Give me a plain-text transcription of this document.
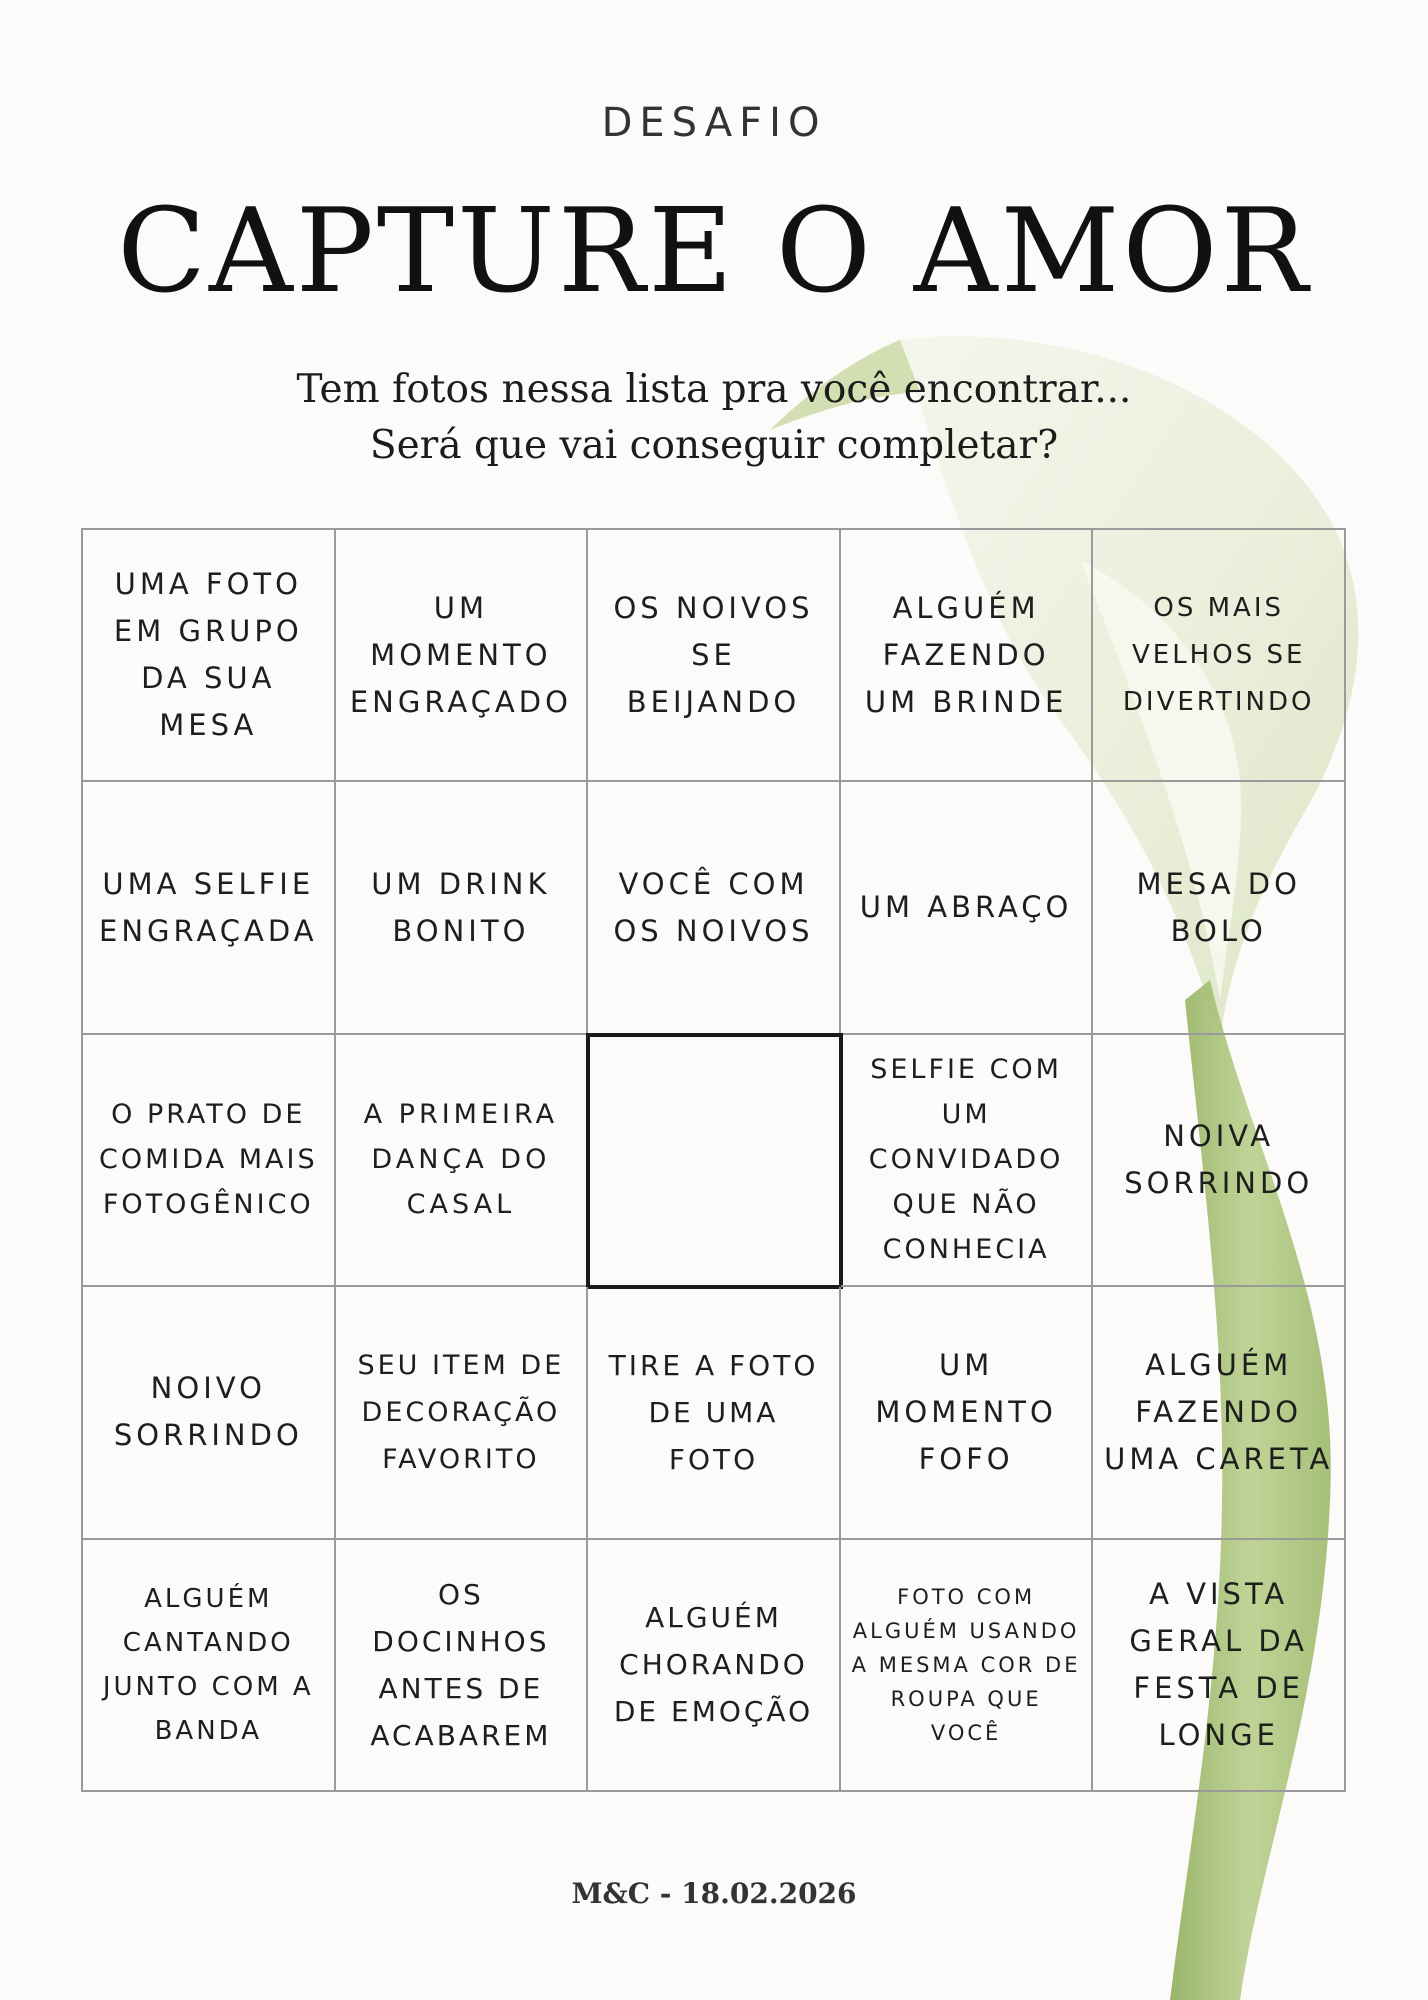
DESAFIO
CAPTURE O AMOR
Tem fotos nessa lista pra você encontrar...
Será que vai conseguir completar?
UMA FOTO EM GRUPO DA SUA MESA
UM MOMENTO ENGRAÇADO
OS NOIVOS SE BEIJANDO
ALGUÉM FAZENDO UM BRINDE
OS MAIS VELHOS SE DIVERTINDO
UMA SELFIE ENGRAÇADA
UM DRINK BONITO
VOCÊ COM OS NOIVOS
UM ABRAÇO
MESA DO BOLO
O PRATO DE COMIDA MAIS FOTOGÊNICO
A PRIMEIRA DANÇA DO CASAL
SELFIE COM UM CONVIDADO QUE NÃO CONHECIA
NOIVA SORRINDO
NOIVO SORRINDO
SEU ITEM DE DECORAÇÃO FAVORITO
TIRE A FOTO DE UMA FOTO
UM MOMENTO FOFO
ALGUÉM FAZENDO UMA CARETA
ALGUÉM CANTANDO JUNTO COM A BANDA
OS DOCINHOS ANTES DE ACABAREM
ALGUÉM CHORANDO DE EMOÇÃO
FOTO COM ALGUÉM USANDO A MESMA COR DE ROUPA QUE VOCÊ
A VISTA GERAL DA FESTA DE LONGE
M&C - 18.02.2026
